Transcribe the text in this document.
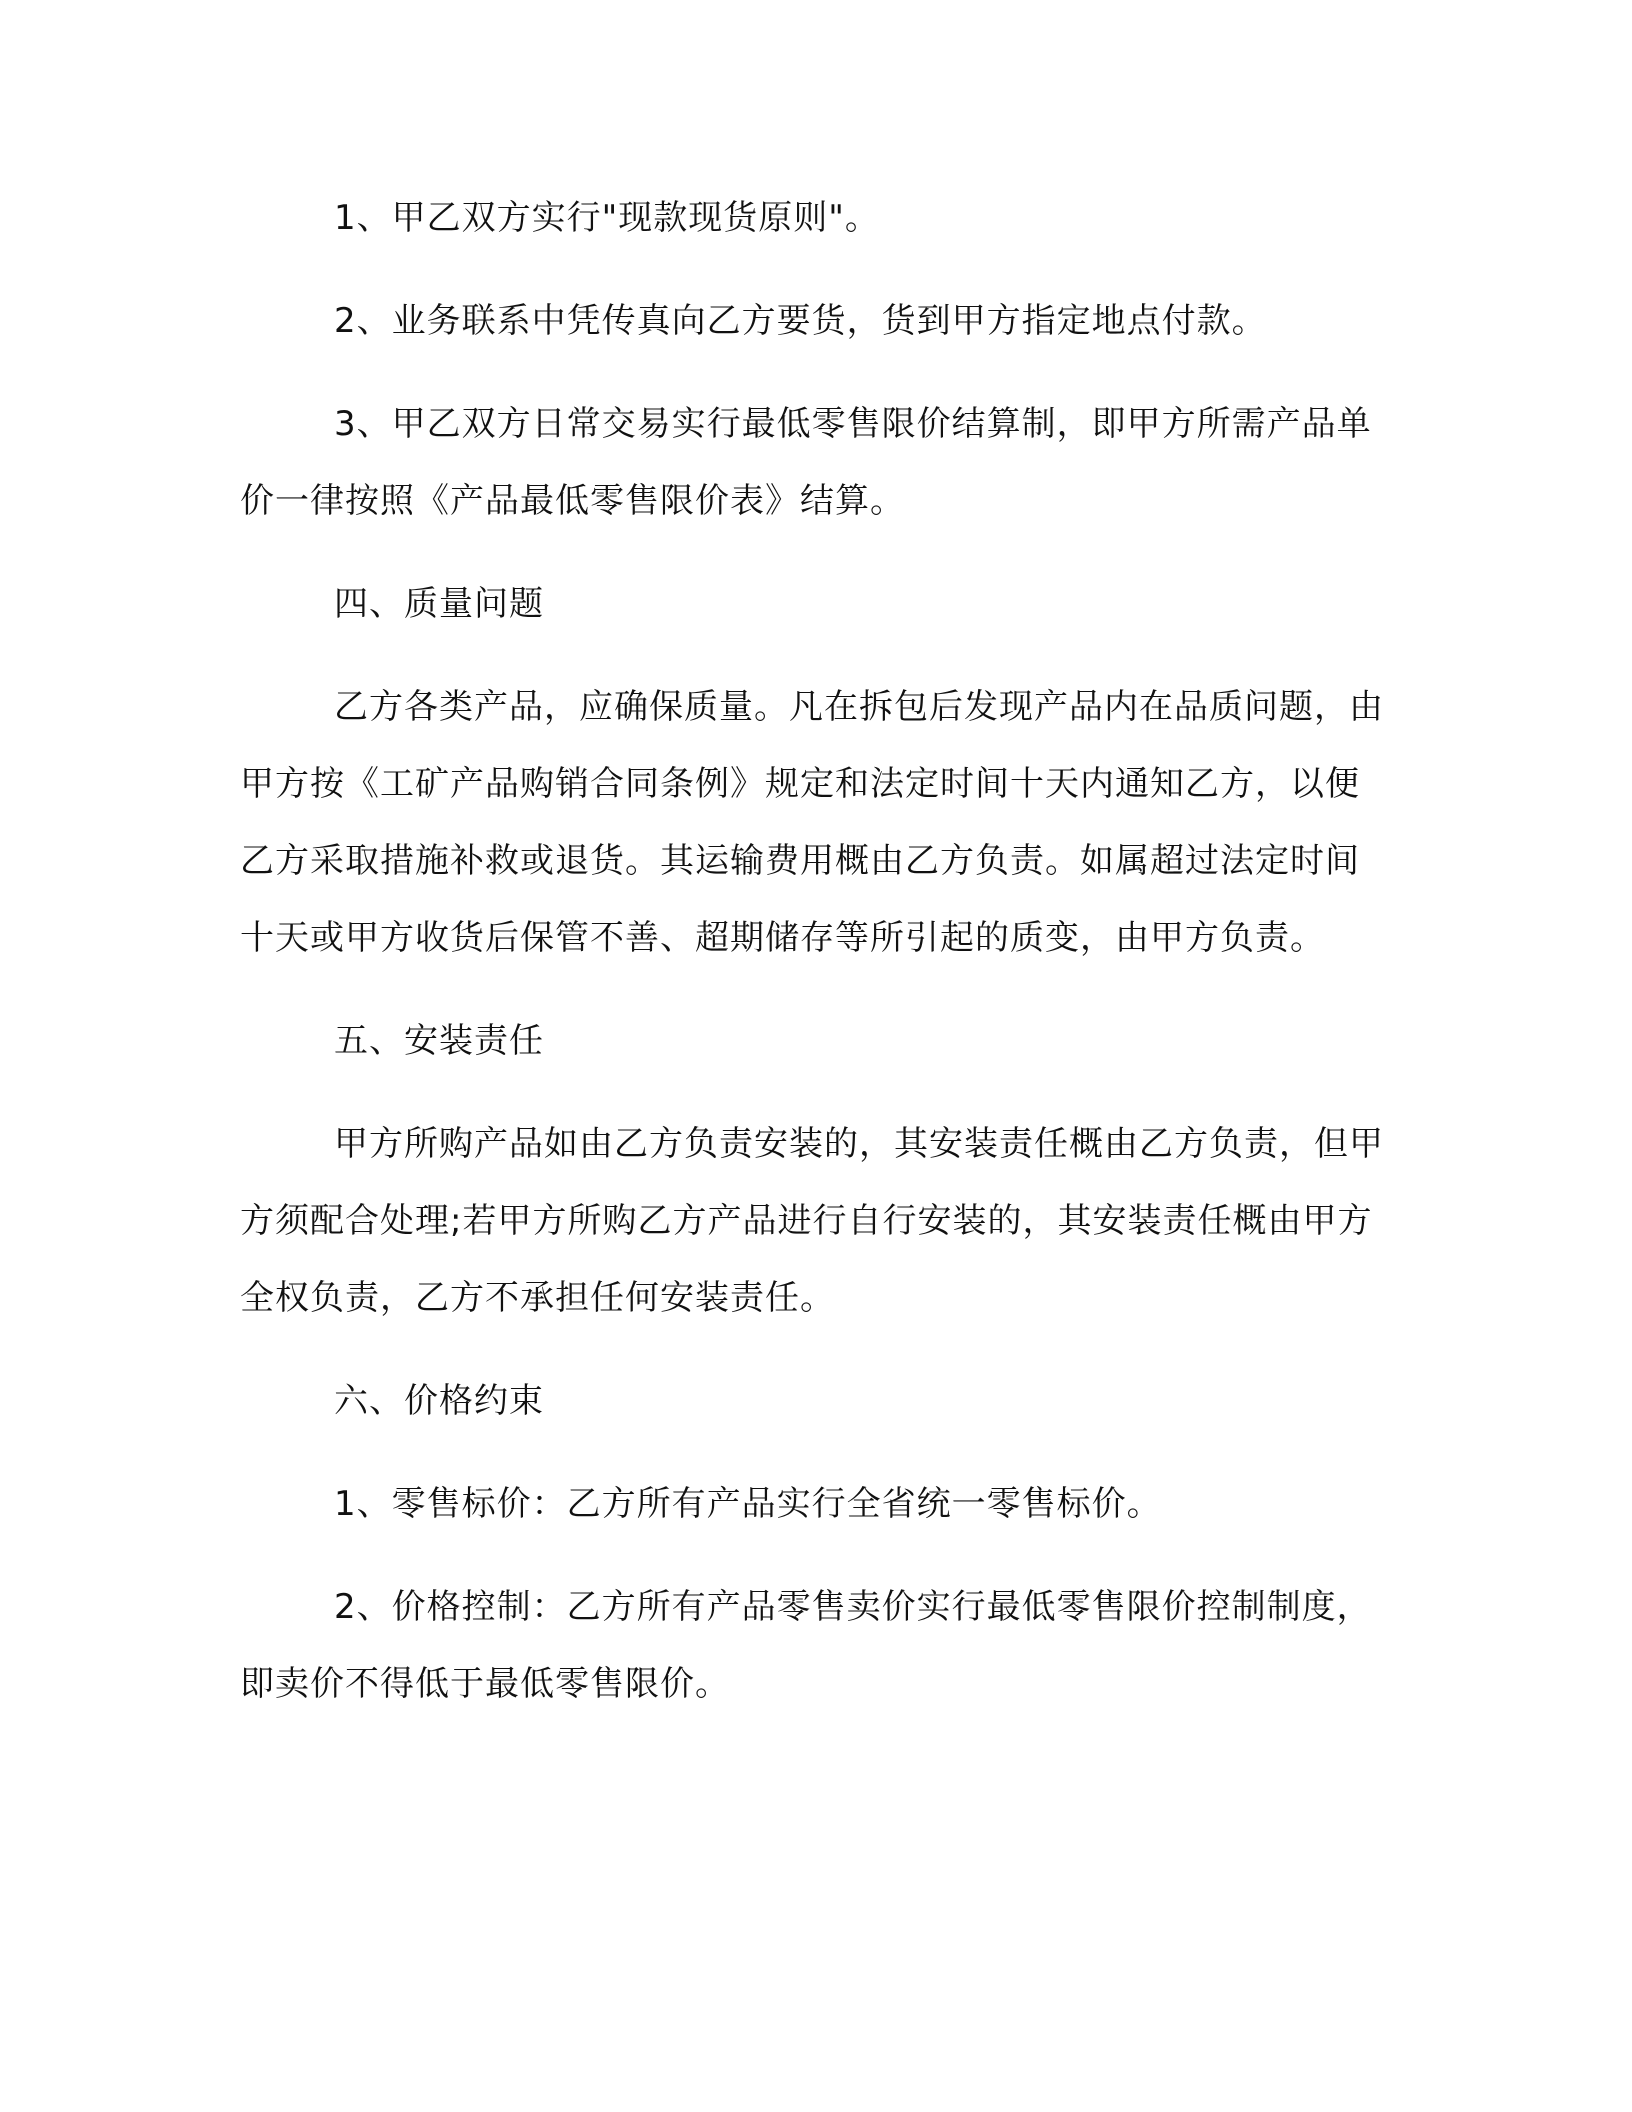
1、甲乙双方实行"现款现货原则"。

2、业务联系中凭传真向乙方要货，货到甲方指定地点付款。

3、甲乙双方日常交易实行最低零售限价结算制，即甲方所需产品单价一律按照《产品最低零售限价表》结算。

四、质量问题

乙方各类产品，应确保质量。凡在拆包后发现产品内在品质问题，由甲方按《工矿产品购销合同条例》规定和法定时间十天内通知乙方，以便乙方采取措施补救或退货。其运输费用概由乙方负责。如属超过法定时间十天或甲方收货后保管不善、超期储存等所引起的质变，由甲方负责。

五、安装责任

甲方所购产品如由乙方负责安装的，其安装责任概由乙方负责，但甲方须配合处理;若甲方所购乙方产品进行自行安装的，其安装责任概由甲方全权负责，乙方不承担任何安装责任。

六、价格约束

1、零售标价：乙方所有产品实行全省统一零售标价。

2、价格控制：乙方所有产品零售卖价实行最低零售限价控制制度，即卖价不得低于最低零售限价。
